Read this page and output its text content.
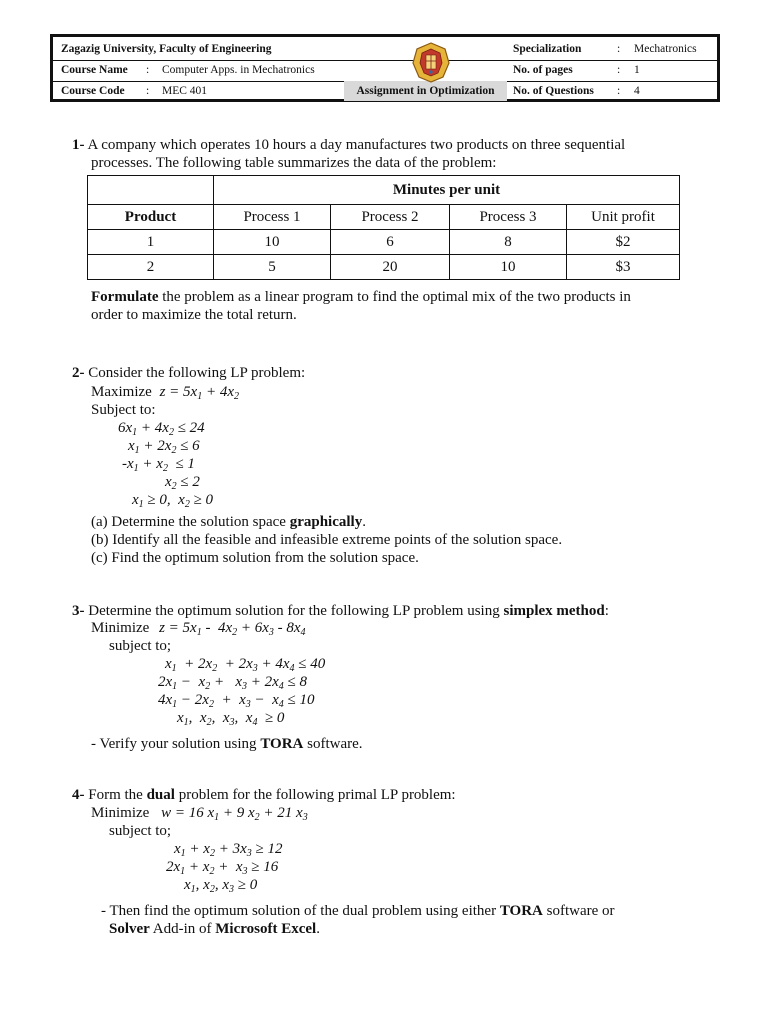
Zagazig University, Faculty of Engineering	Specialization	: Mechatronics
Course Name : Computer Apps. in Mechatronics	No. of pages	: 1
Assignment in Optimization
Course Code : MEC 401	No. of Questions : 4
1- A company which operates 10 hours a day manufactures two products on three sequential
processes. The following table summarizes the data of the problem:
	Minutes per unit			
Product	Process 1	Process 2	Process 3	Unit profit
1	10	6	8	$2
2	5	20	10	$3
Formulate the problem as a linear program to find the optimal mix of the two products in
order to maximize the total return.
2- Consider the following LP problem:
Maximize $z = 5x_1 + 4x_2$
Subject to:
$6x_1 + 4x_2 \le 24$
$x_1 + 2x_2 \le 6$
$-x_1 + x_2 \le 1$
$x_2 \le 2$
$x_1 \ge 0$,  $x_2 \ge 0$
(a) Determine the solution space graphically.
(b) Identify all the feasible and infeasible extreme points of the solution space.
(c) Find the optimum solution from the solution space.
3- Determine the optimum solution for the following LP problem using simplex method:
Minimize $z = 5x_1 - 4x_2 + 6x_3 - 8x_4$
subject to;
$x_1 + 2x_2 + 2x_3 + 4x_4 \le 40$
$2x_1 - x_2 + x_3 + 2x_4 \le 8$
$4x_1 - 2x_2 + x_3 - x_4 \le 10$
$x_1$,  $x_2$,  $x_3$,  $x_4 \ge 0$
- Verify your solution using TORA software.
4- Form the dual problem for the following primal LP problem:
Minimize w = 16 $x_1 + 9$ $x_2 + 21$ $x_3$
subject to;
$x_1 + x_2 + 3x_3 \ge 12$
$2x_1 + x_2 + x_3 \ge 16$
$x_1$, $x_2$, $x_3 \ge 0$
- Then find the optimum solution of the dual problem using either TORA software or
Solver Add-in of Microsoft Excel.
